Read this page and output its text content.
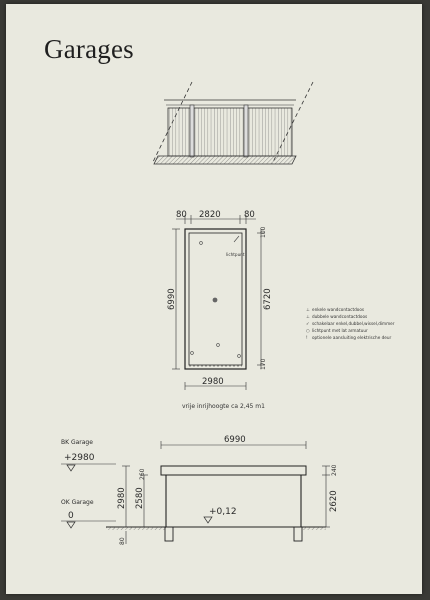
Garages
80 2820	80
lichtpunt
6990	6720
100
170
2980
vrije inrijhoogte ca 2,45 m1
⊥ enkele wandcontactdoos
⊥ dubbele wandcontactdoos
✓ schakelaar enkel,dubbel,wissel,dimmer
○ lichtpunt met lat armatuur
! optionele aansluiting elektrische deur
BK Garage
+2980
OK Garage
0
6990
+0,12
2980 2580
260
80
240
2620
